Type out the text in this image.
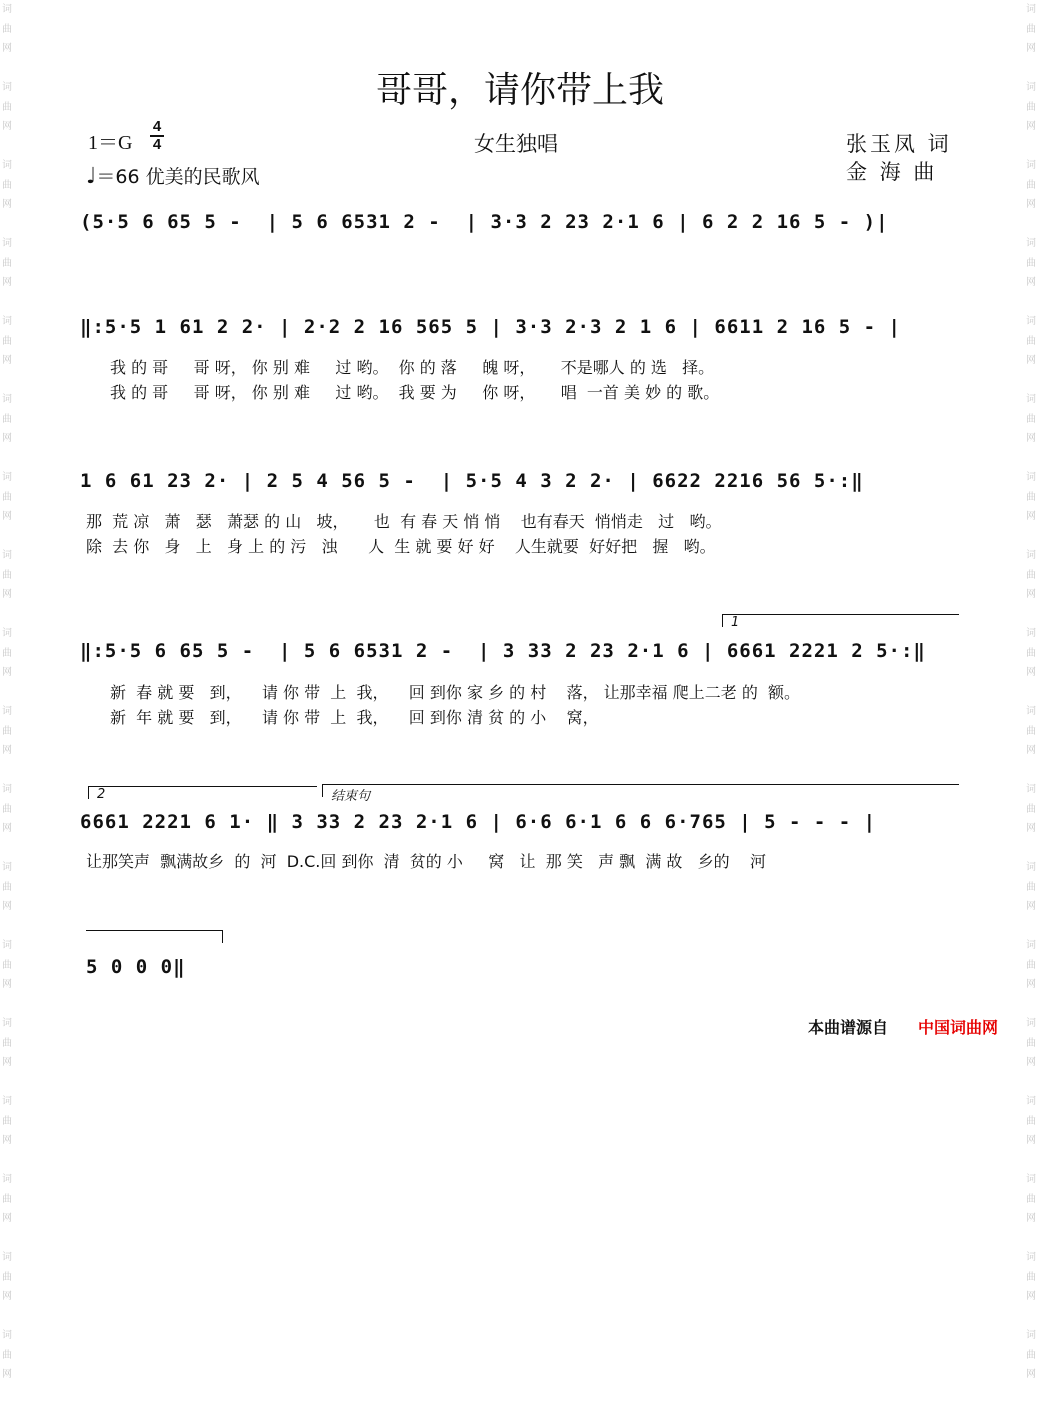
词
曲
网

词
曲
网

词
曲
网

词
曲
网

词
曲
网

词
曲
网

词
曲
网

词
曲
网

词
曲
网

词
曲
网

词
曲
网

词
曲
网

词
曲
网

词
曲
网

词
曲
网

词
曲
网

词
曲
网

词
曲
网

词
曲
网

词
曲
网

词
曲
网

词
曲
网

词
曲
网

词
曲
网

词
曲
网

词
曲
网

词
曲
网

词
曲
网

词
曲
网

词
曲
网

词
曲
网

词
曲
网

词
曲
网

词
曲
网

词
曲
网

词
曲
网

哥哥，请你带上我
1＝G
4
4
♩＝66 优美的民歌风
女生独唱	张玉凤 词
金 海 曲
(5·5 6 65 5 -  | 5 6 6531 2 -  | 3·3 2 23 2·1 6 | 6 2 2 16 5 - )|
‖:5·5 1 61 2 2· | 2·2 2 16 565 5 | 3·3 2·3 2 1 6 | 6611 2 16 5 - |
我 的 哥     哥 呀， 你 别 难     过 哟。  你 的 落     魄 呀，     不是哪人 的 选   择。
我 的 哥     哥 呀， 你 别 难     过 哟。  我 要 为     你 呀，     唱  一首 美 妙 的 歌。
1 6 61 23 2· | 2 5 4 56 5 -  | 5·5 4 3 2 2· | 6622 2216 56 5·:‖
那  荒 凉   萧   瑟   萧瑟 的 山   坡，     也  有 春 天 悄 悄    也有春天  悄悄走   过   哟。
除  去 你   身   上   身 上 的 污   浊      人  生 就 要 好 好    人生就要  好好把   握   哟。
1
‖:5·5 6 65 5 -  | 5 6 6531 2 -  | 3 33 2 23 2·1 6 | 6661 2221 2 5·:‖
新  春 就 要   到，    请 你 带  上  我，    回 到你 家 乡 的 村    落， 让那幸福 爬上二老 的  额。
新  年 就 要   到，    请 你 带  上  我，    回 到你 清 贫 的 小    窝，
2	结束句
6661 2221 6 1· ‖ 3 33 2 23 2·1 6 | 6·6 6·1 6 6 6·765 | 5 - - - |
让那笑声  飘满故乡  的  河  D.C.回 到你  清  贫的 小     窝   让  那 笑   声 飘  满 故   乡的    河
5 0 0 0‖
本曲谱源自 中国词曲网
